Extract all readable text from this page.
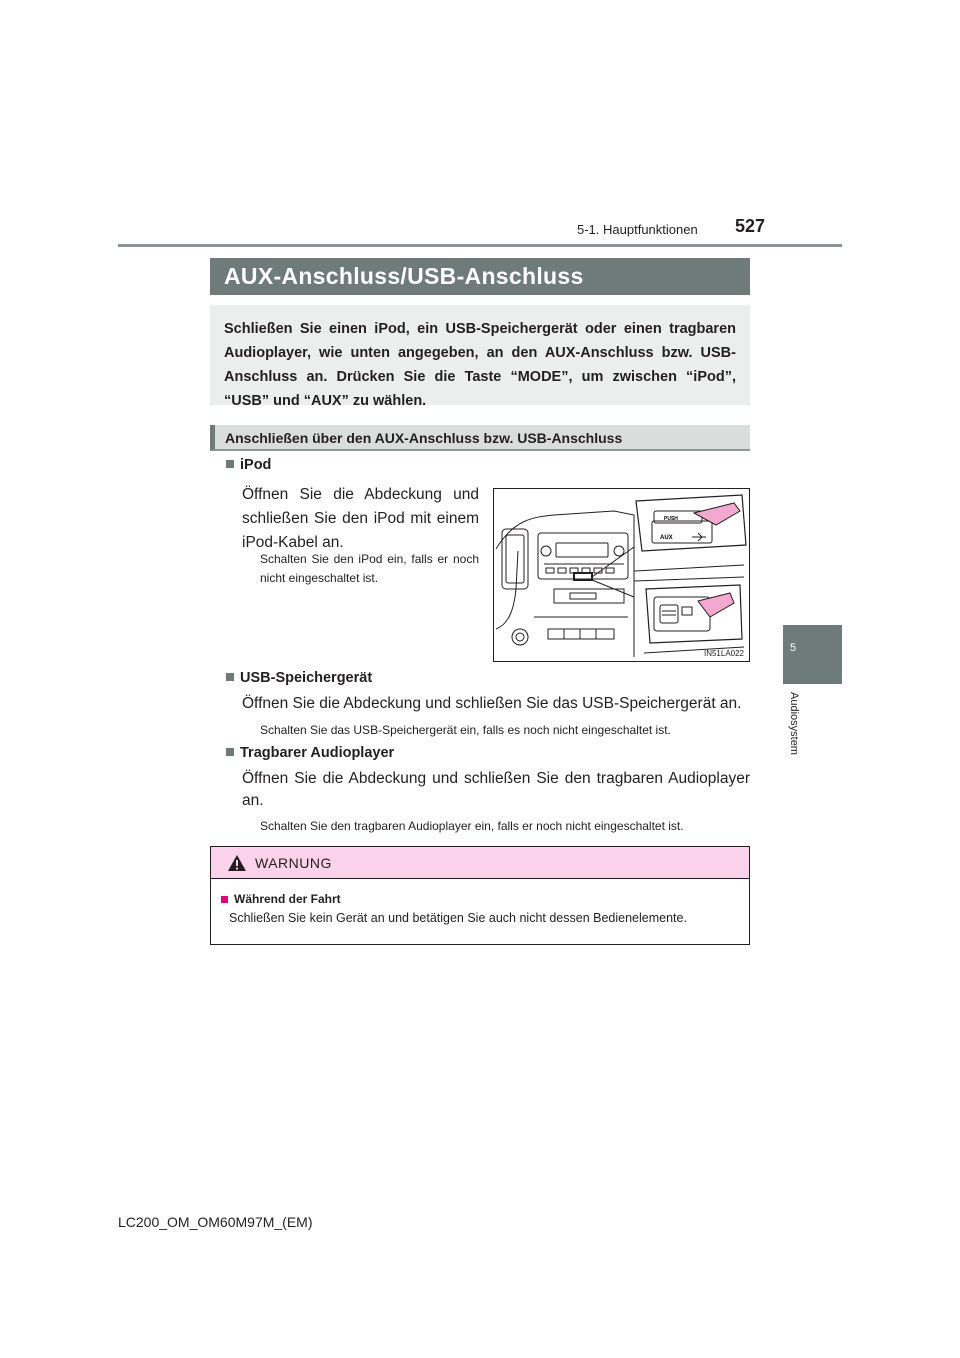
5-1. Hauptfunktionen 527
5
Audiosystem
AUX-Anschluss/USB-Anschluss

Schließen Sie einen iPod, ein USB-Speichergerät oder einen tragbaren Audioplayer, wie unten angegeben, an den AUX-Anschluss bzw. USB-Anschluss an. Drücken Sie die Taste “MODE”, um zwischen “iPod”, “USB” und “AUX” zu wählen.

Anschließen über den AUX-Anschluss bzw. USB-Anschluss
iPod
Öffnen Sie die Abdeckung und schließen Sie den iPod mit einem iPod-Kabel an.
Schalten Sie den iPod ein, falls er noch nicht eingeschaltet ist.
PUSH
AUX
IN51LA022
USB-Speichergerät
Öffnen Sie die Abdeckung und schließen Sie das USB-Speichergerät an.
Schalten Sie das USB-Speichergerät ein, falls es noch nicht eingeschaltet ist.
Tragbarer Audioplayer
Öffnen Sie die Abdeckung und schließen Sie den tragbaren Audioplayer an.
Schalten Sie den tragbaren Audioplayer ein, falls er noch nicht eingeschaltet ist.
WARNUNG
Während der Fahrt
Schließen Sie kein Gerät an und betätigen Sie auch nicht dessen Bedienelemente.
LC200_OM_OM60M97M_(EM)
